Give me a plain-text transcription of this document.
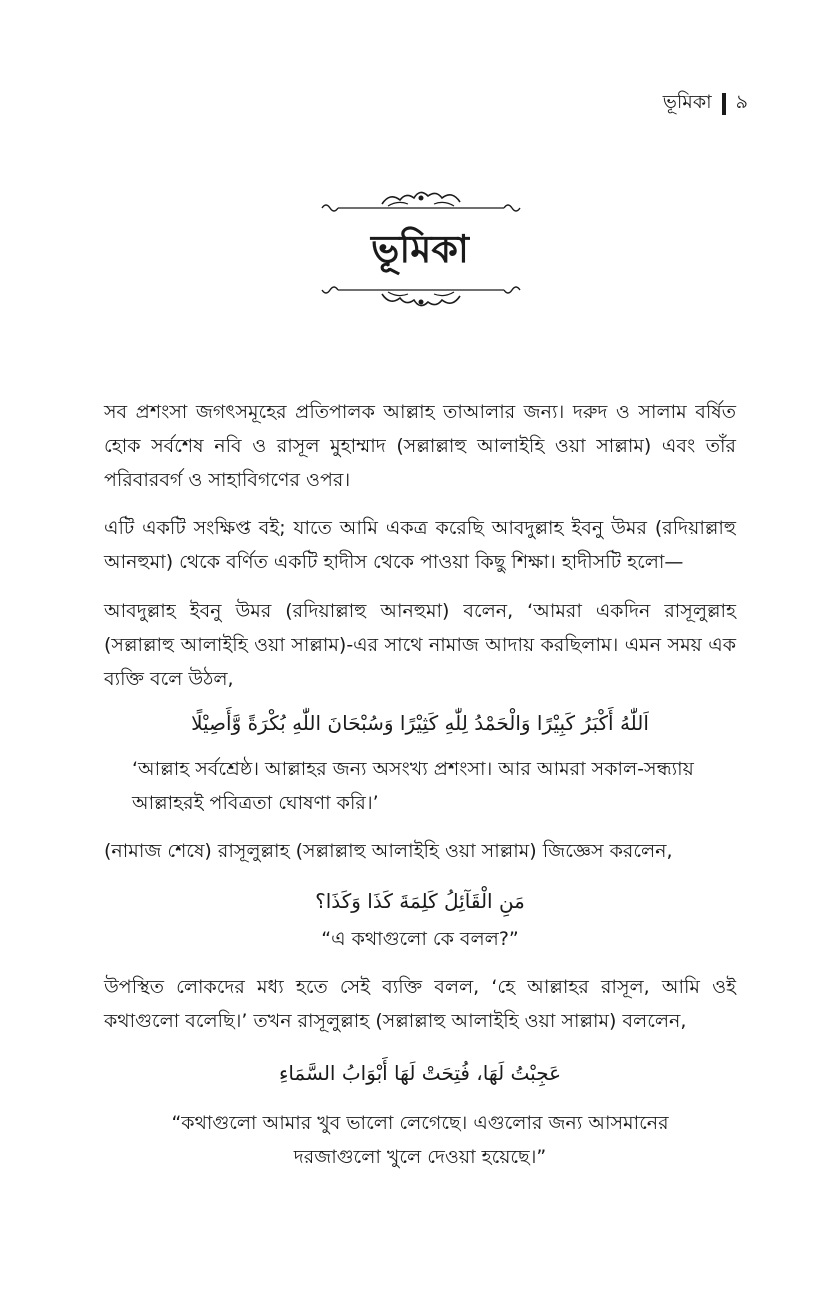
ভূমিকা ৯
ভূমিকা

সব প্রশংসা জগৎসমূহের প্রতিপালক আল্লাহ তাআলার জন্য। দরুদ ও সালাম বর্ষিত হোক সর্বশেষ নবি ও রাসূল মুহাম্মাদ (সল্লাল্লাহু আলাইহি ওয়া সাল্লাম) এবং তাঁর পরিবারবর্গ ও সাহাবিগণের ওপর।

এটি একটি সংক্ষিপ্ত বই; যাতে আমি একত্র করেছি আবদুল্লাহ ইবনু উমর (রদিয়াল্লাহু আনহুমা) থেকে বর্ণিত একটি হাদীস থেকে পাওয়া কিছু শিক্ষা। হাদীসটি হলো—

আবদুল্লাহ ইবনু উমর (রদিয়াল্লাহু আনহুমা) বলেন, ‘আমরা একদিন রাসূলুল্লাহ (সল্লাল্লাহু আলাইহি ওয়া সাল্লাম)-এর সাথে নামাজ আদায় করছিলাম। এমন সময় এক ব্যক্তি বলে উঠল,

اَللّٰهُ أَكْبَرُ كَبِيْرًا وَالْحَمْدُ لِلّٰهِ كَثِيْرًا وَسُبْحَانَ اللّٰهِ بُكْرَةً وَّأَصِيْلًا

‘আল্লাহ সর্বশ্রেষ্ঠ। আল্লাহর জন্য অসংখ্য প্রশংসা। আর আমরা সকাল-সন্ধ্যায় আল্লাহরই পবিত্রতা ঘোষণা করি।’

(নামাজ শেষে) রাসূলুল্লাহ (সল্লাল্লাহু আলাইহি ওয়া সাল্লাম) জিজ্ঞেস করলেন,

مَنِ الْقَآئِلُ كَلِمَةَ كَذَا وَكَذَا؟

“এ কথাগুলো কে বলল?”

উপস্থিত লোকদের মধ্য হতে সেই ব্যক্তি বলল, ‘হে আল্লাহর রাসূল, আমি ওই কথাগুলো বলেছি।’ তখন রাসূলুল্লাহ (সল্লাল্লাহু আলাইহি ওয়া সাল্লাম) বললেন,

عَجِبْتُ لَهَا، فُتِحَتْ لَهَا أَبْوَابُ السَّمَاءِ

“কথাগুলো আমার খুব ভালো লেগেছে। এগুলোর জন্য আসমানের

দরজাগুলো খুলে দেওয়া হয়েছে।”
